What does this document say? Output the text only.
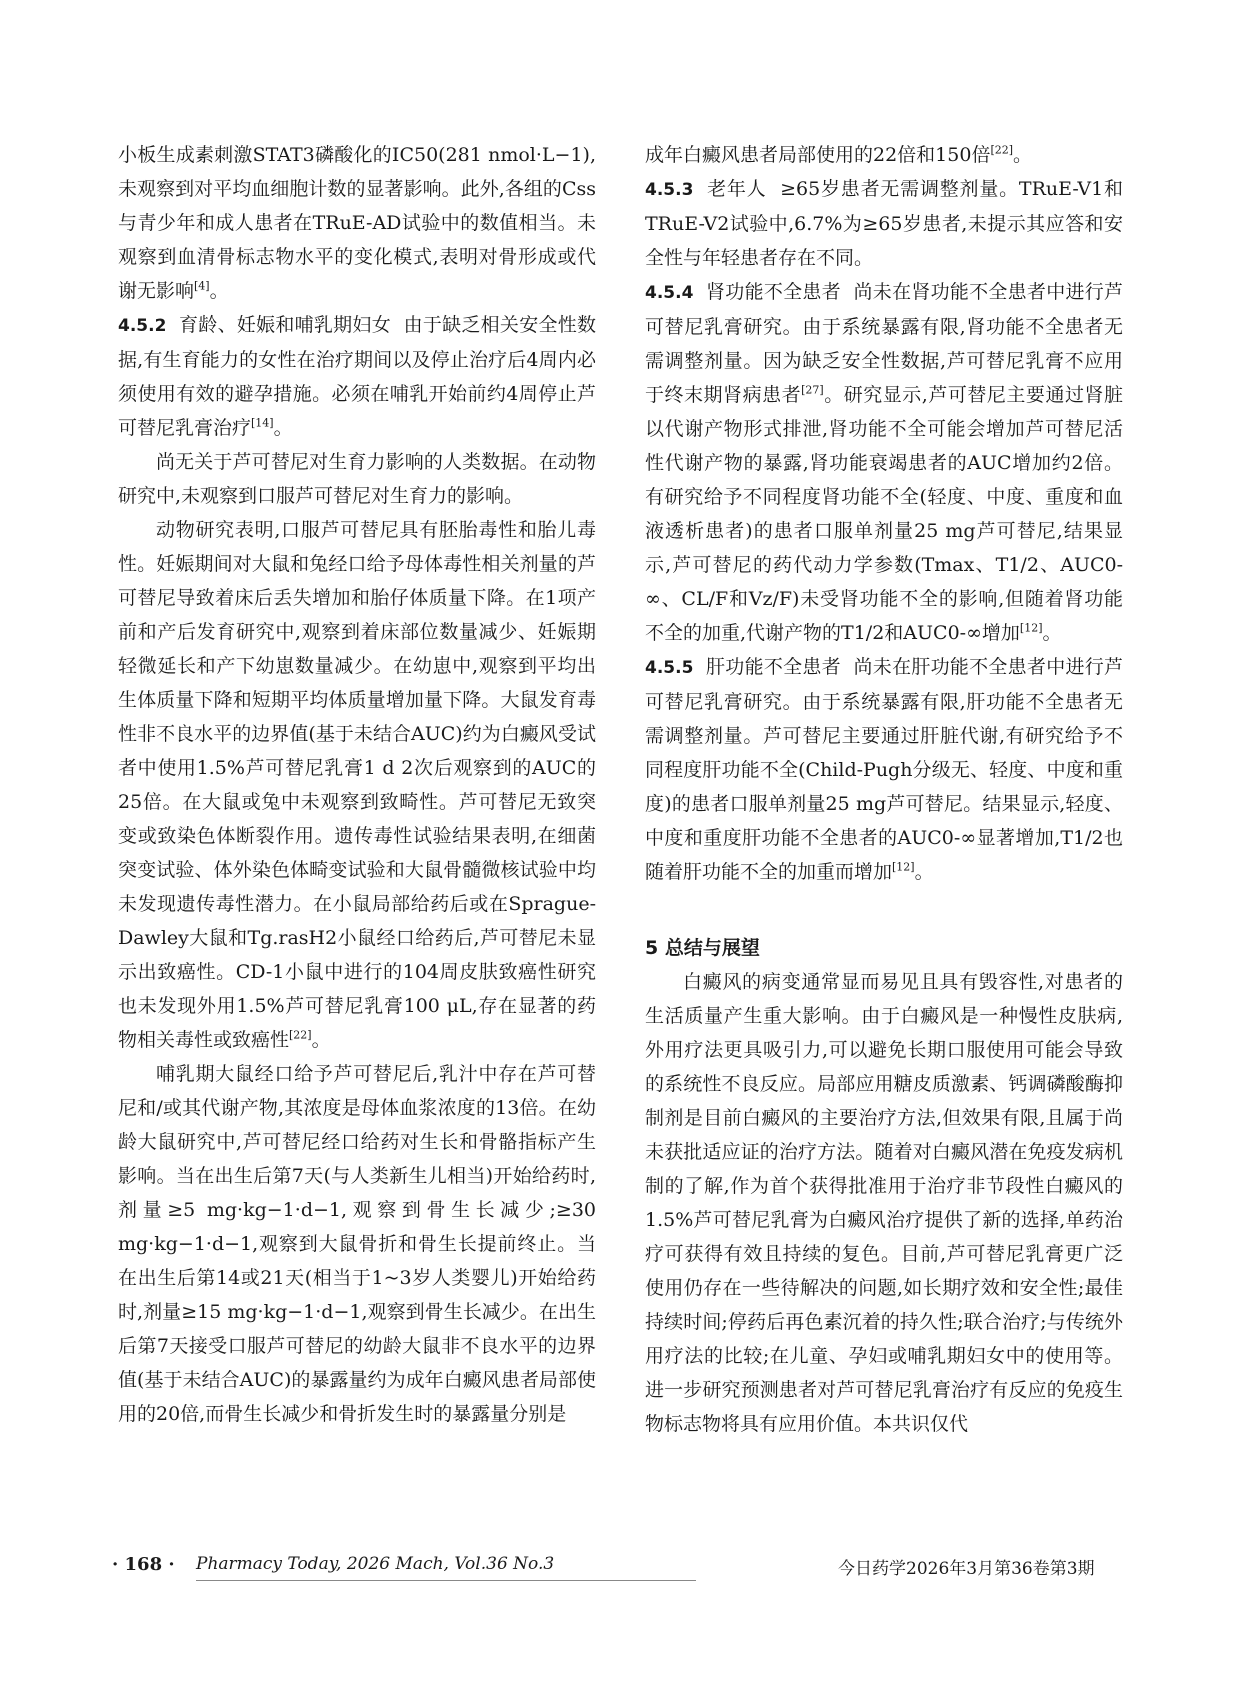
小板生成素刺激STAT3磷酸化的IC50(281 nmol·L−1),未观察到对平均血细胞计数的显著影响。此外,各组的Css与青少年和成人患者在TRuE-AD试验中的数值相当。未观察到血清骨标志物水平的变化模式,表明对骨形成或代谢无影响[4]。

4.5.2 育龄、妊娠和哺乳期妇女 由于缺乏相关安全性数据,有生育能力的女性在治疗期间以及停止治疗后4周内必须使用有效的避孕措施。必须在哺乳开始前约4周停止芦可替尼乳膏治疗[14]。

尚无关于芦可替尼对生育力影响的人类数据。在动物研究中,未观察到口服芦可替尼对生育力的影响。

动物研究表明,口服芦可替尼具有胚胎毒性和胎儿毒性。妊娠期间对大鼠和兔经口给予母体毒性相关剂量的芦可替尼导致着床后丢失增加和胎仔体质量下降。在1项产前和产后发育研究中,观察到着床部位数量减少、妊娠期轻微延长和产下幼崽数量减少。在幼崽中,观察到平均出生体质量下降和短期平均体质量增加量下降。大鼠发育毒性非不良水平的边界值(基于未结合AUC)约为白癜风受试者中使用1.5%芦可替尼乳膏1 d 2次后观察到的AUC的25倍。在大鼠或兔中未观察到致畸性。芦可替尼无致突变或致染色体断裂作用。遗传毒性试验结果表明,在细菌突变试验、体外染色体畸变试验和大鼠骨髓微核试验中均未发现遗传毒性潜力。在小鼠局部给药后或在Sprague-Dawley大鼠和Tg.rasH2小鼠经口给药后,芦可替尼未显示出致癌性。CD-1小鼠中进行的104周皮肤致癌性研究也未发现外用1.5%芦可替尼乳膏100 μL,存在显著的药物相关毒性或致癌性[22]。

哺乳期大鼠经口给予芦可替尼后,乳汁中存在芦可替尼和/或其代谢产物,其浓度是母体血浆浓度的13倍。在幼龄大鼠研究中,芦可替尼经口给药对生长和骨骼指标产生影响。当在出生后第7天(与人类新生儿相当)开始给药时,剂量≥5 mg·kg−1·d−1,观察到骨生长减少;≥30 mg·kg−1·d−1,观察到大鼠骨折和骨生长提前终止。当在出生后第14或21天(相当于1~3岁人类婴儿)开始给药时,剂量≥15 mg·kg−1·d−1,观察到骨生长减少。在出生后第7天接受口服芦可替尼的幼龄大鼠非不良水平的边界值(基于未结合AUC)的暴露量约为成年白癜风患者局部使用的20倍,而骨生长减少和骨折发生时的暴露量分别是

成年白癜风患者局部使用的22倍和150倍[22]。

4.5.3 老年人 ≥65岁患者无需调整剂量。TRuE-V1和TRuE-V2试验中,6.7%为≥65岁患者,未提示其应答和安全性与年轻患者存在不同。

4.5.4 肾功能不全患者 尚未在肾功能不全患者中进行芦可替尼乳膏研究。由于系统暴露有限,肾功能不全患者无需调整剂量。因为缺乏安全性数据,芦可替尼乳膏不应用于终末期肾病患者[27]。研究显示,芦可替尼主要通过肾脏以代谢产物形式排泄,肾功能不全可能会增加芦可替尼活性代谢产物的暴露,肾功能衰竭患者的AUC增加约2倍。有研究给予不同程度肾功能不全(轻度、中度、重度和血液透析患者)的患者口服单剂量25 mg芦可替尼,结果显示,芦可替尼的药代动力学参数(Tmax、T1/2、AUC0-∞、CL/F和Vz/F)未受肾功能不全的影响,但随着肾功能不全的加重,代谢产物的T1/2和AUC0-∞增加[12]。

4.5.5 肝功能不全患者 尚未在肝功能不全患者中进行芦可替尼乳膏研究。由于系统暴露有限,肝功能不全患者无需调整剂量。芦可替尼主要通过肝脏代谢,有研究给予不同程度肝功能不全(Child-Pugh分级无、轻度、中度和重度)的患者口服单剂量25 mg芦可替尼。结果显示,轻度、中度和重度肝功能不全患者的AUC0-∞显著增加,T1/2也随着肝功能不全的加重而增加[12]。

5 总结与展望

白癜风的病变通常显而易见且具有毁容性,对患者的生活质量产生重大影响。由于白癜风是一种慢性皮肤病,外用疗法更具吸引力,可以避免长期口服使用可能会导致的系统性不良反应。局部应用糖皮质激素、钙调磷酸酶抑制剂是目前白癜风的主要治疗方法,但效果有限,且属于尚未获批适应证的治疗方法。随着对白癜风潜在免疫发病机制的了解,作为首个获得批准用于治疗非节段性白癜风的1.5%芦可替尼乳膏为白癜风治疗提供了新的选择,单药治疗可获得有效且持续的复色。目前,芦可替尼乳膏更广泛使用仍存在一些待解决的问题,如长期疗效和安全性;最佳持续时间;停药后再色素沉着的持久性;联合治疗;与传统外用疗法的比较;在儿童、孕妇或哺乳期妇女中的使用等。进一步研究预测患者对芦可替尼乳膏治疗有反应的免疫生物标志物将具有应用价值。本共识仅代

· 168 · Pharmacy Today, 2026 Mach, Vol.36 No.3	今日药学2026年3月第36卷第3期
